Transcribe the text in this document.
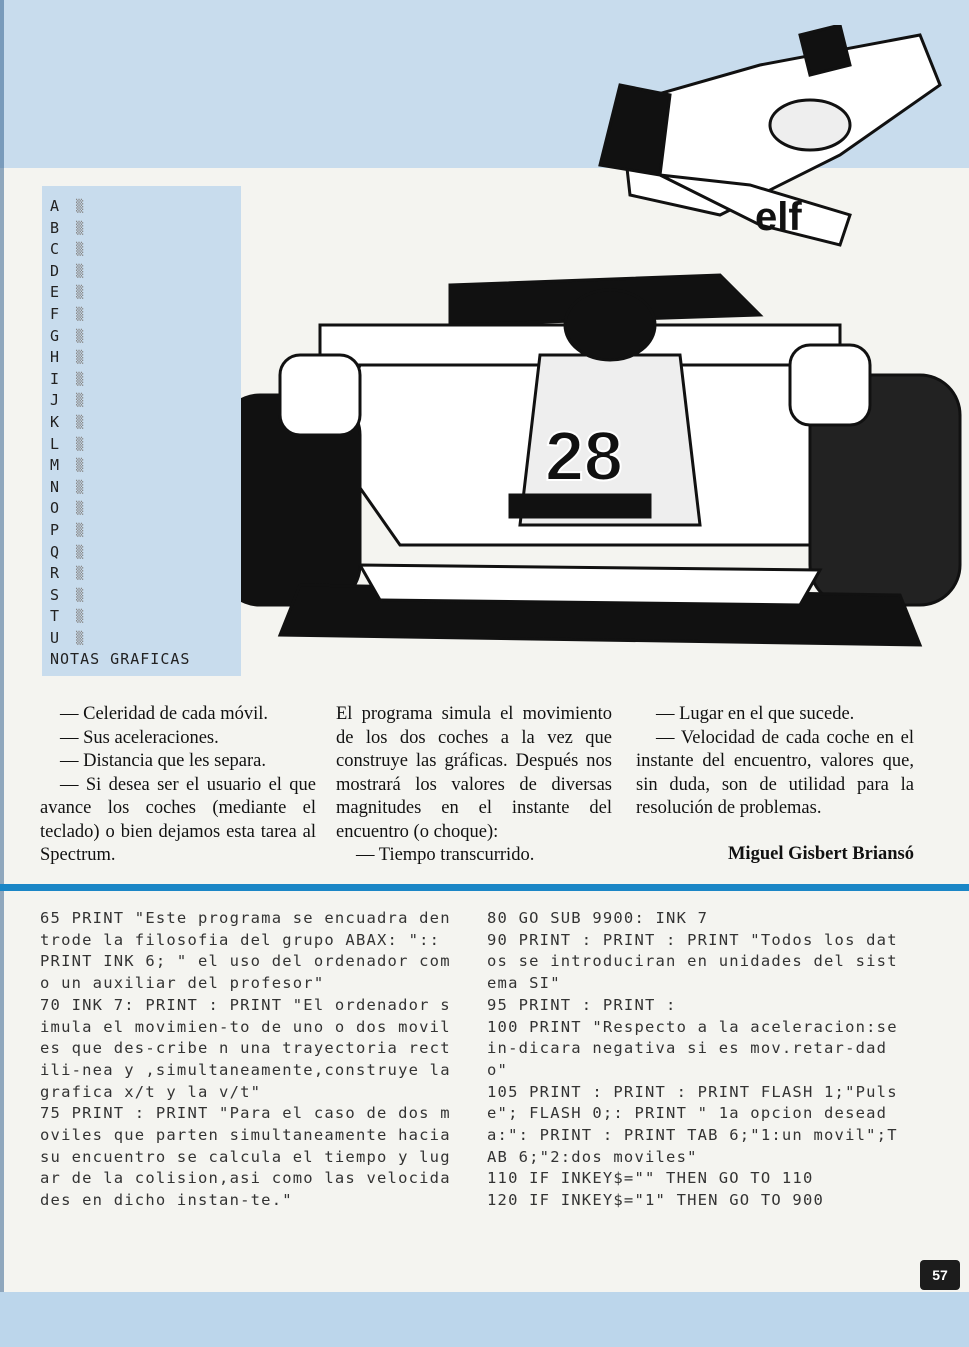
elf
28
A ▒
B ▒
C ▒
D ▒
E ▒
F ▒
G ▒
H ▒
I ▒
J ▒
K ▒
L ▒
M ▒
N ▒
O ▒
P ▒
Q ▒
R ▒
S ▒
T ▒
U ▒
NOTAS GRAFICAS

— Celeridad de cada móvil.

— Sus aceleraciones.

— Distancia que les separa.

— Si desea ser el usuario el que avance los coches (mediante el teclado) o bien dejamos esta tarea al Spectrum.

El programa simula el movimiento de los dos coches a la vez que construye las gráficas. Después nos mostrará los valores de diversas magnitudes en el instante del encuentro (o choque):

— Tiempo transcurrido.

— Lugar en el que sucede.

— Velocidad de cada coche en el instante del encuentro, valores que, sin duda, son de utilidad para la resolución de problemas.

Miguel Gisbert Briansó

65 PRINT "Este programa se encuadra dentrode la filosofia del grupo ABAX: ":: PRINT INK 6; " el uso del ordenador como un auxiliar del profesor"

70 INK 7: PRINT : PRINT "El ordenador simula el movimien-to de uno o dos moviles que des-cribe n una trayectoria rectili-nea y ,simultaneamente,construye la grafica x/t y la v/t"

75 PRINT : PRINT "Para el caso de dos moviles que parten simultaneamente hacia su encuentro se calcula el tiempo y lugar de la colision,asi como las velocidades en dicho instan-te."

80 GO SUB 9900: INK 7

90 PRINT : PRINT : PRINT "Todos los datos se introduciran en unidades del sistema SI"

95 PRINT : PRINT :

100 PRINT "Respecto a la aceleracion:se in-dicara negativa si es mov.retar-dado"

105 PRINT : PRINT : PRINT FLASH 1;"Pulse"; FLASH 0;: PRINT " 1a opcion deseada:": PRINT : PRINT TAB 6;"1:un movil";TAB 6;"2:dos moviles"

110 IF INKEY$="" THEN GO TO 110

120 IF INKEY$="1" THEN GO TO 900

57
